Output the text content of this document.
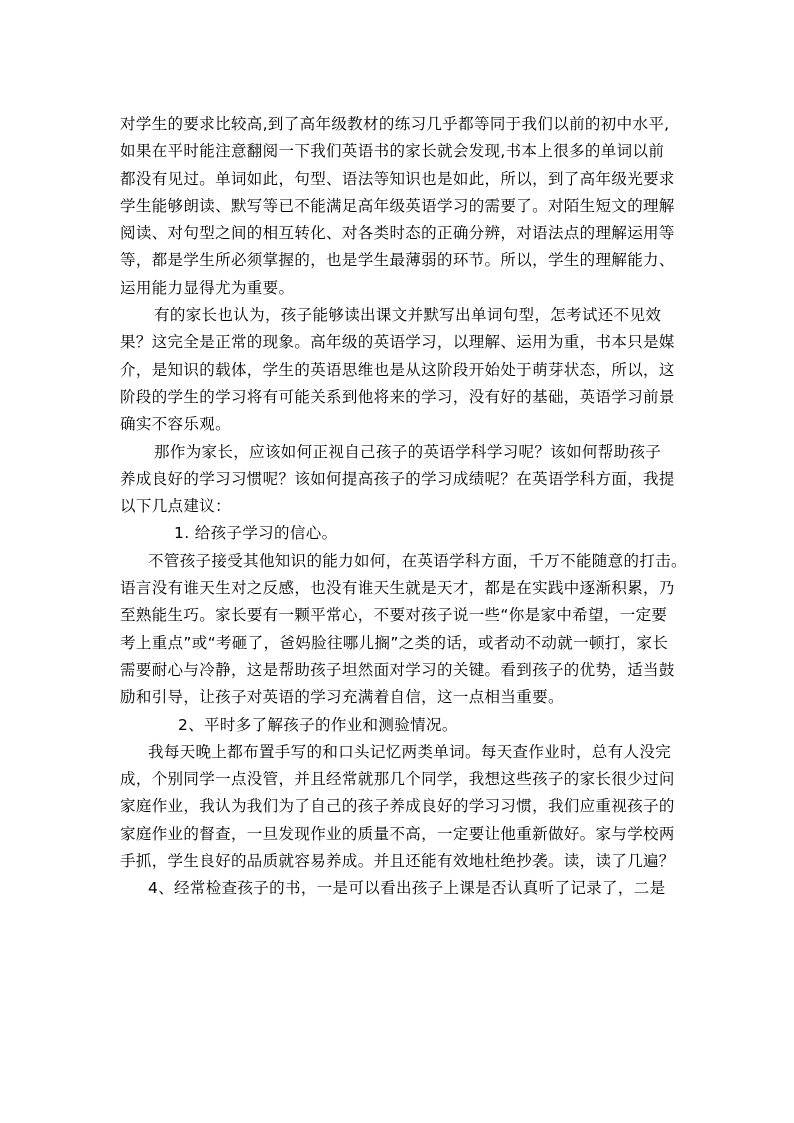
对学生的要求比较高,到了高年级教材的练习几乎都等同于我们以前的初中水平,
如果在平时能注意翻阅一下我们英语书的家长就会发现,书本上很多的单词以前
都没有见过。单词如此，句型、语法等知识也是如此，所以，到了高年级光要求
学生能够朗读、默写等已不能满足高年级英语学习的需要了。对陌生短文的理解
阅读、对句型之间的相互转化、对各类时态的正确分辨，对语法点的理解运用等
等，都是学生所必须掌握的，也是学生最薄弱的环节。所以，学生的理解能力、
运用能力显得尤为重要。
有的家长也认为，孩子能够读出课文并默写出单词句型，怎考试还不见效
果？这完全是正常的现象。高年级的英语学习，以理解、运用为重，书本只是媒
介，是知识的载体，学生的英语思维也是从这阶段开始处于萌芽状态，所以，这
阶段的学生的学习将有可能关系到他将来的学习，没有好的基础，英语学习前景
确实不容乐观。
那作为家长，应该如何正视自己孩子的英语学科学习呢？该如何帮助孩子
养成良好的学习习惯呢？该如何提高孩子的学习成绩呢？在英语学科方面，我提
以下几点建议：
1. 给孩子学习的信心。
不管孩子接受其他知识的能力如何，在英语学科方面，千万不能随意的打击。
语言没有谁天生对之反感，也没有谁天生就是天才，都是在实践中逐渐积累，乃
至熟能生巧。家长要有一颗平常心，不要对孩子说一些“你是家中希望，一定要
考上重点”或“考砸了，爸妈脸往哪儿搁”之类的话，或者动不动就一顿打，家长
需要耐心与冷静，这是帮助孩子坦然面对学习的关键。看到孩子的优势，适当鼓
励和引导，让孩子对英语的学习充满着自信，这一点相当重要。
2、平时多了解孩子的作业和测验情况。
我每天晚上都布置手写的和口头记忆两类单词。每天查作业时，总有人没完
成，个别同学一点没管，并且经常就那几个同学，我想这些孩子的家长很少过问
家庭作业，我认为我们为了自己的孩子养成良好的学习习惯，我们应重视孩子的
家庭作业的督查，一旦发现作业的质量不高，一定要让他重新做好。家与学校两
手抓，学生良好的品质就容易养成。并且还能有效地杜绝抄袭。读，读了几遍？
4、经常检查孩子的书，一是可以看出孩子上课是否认真听了记录了，二是
